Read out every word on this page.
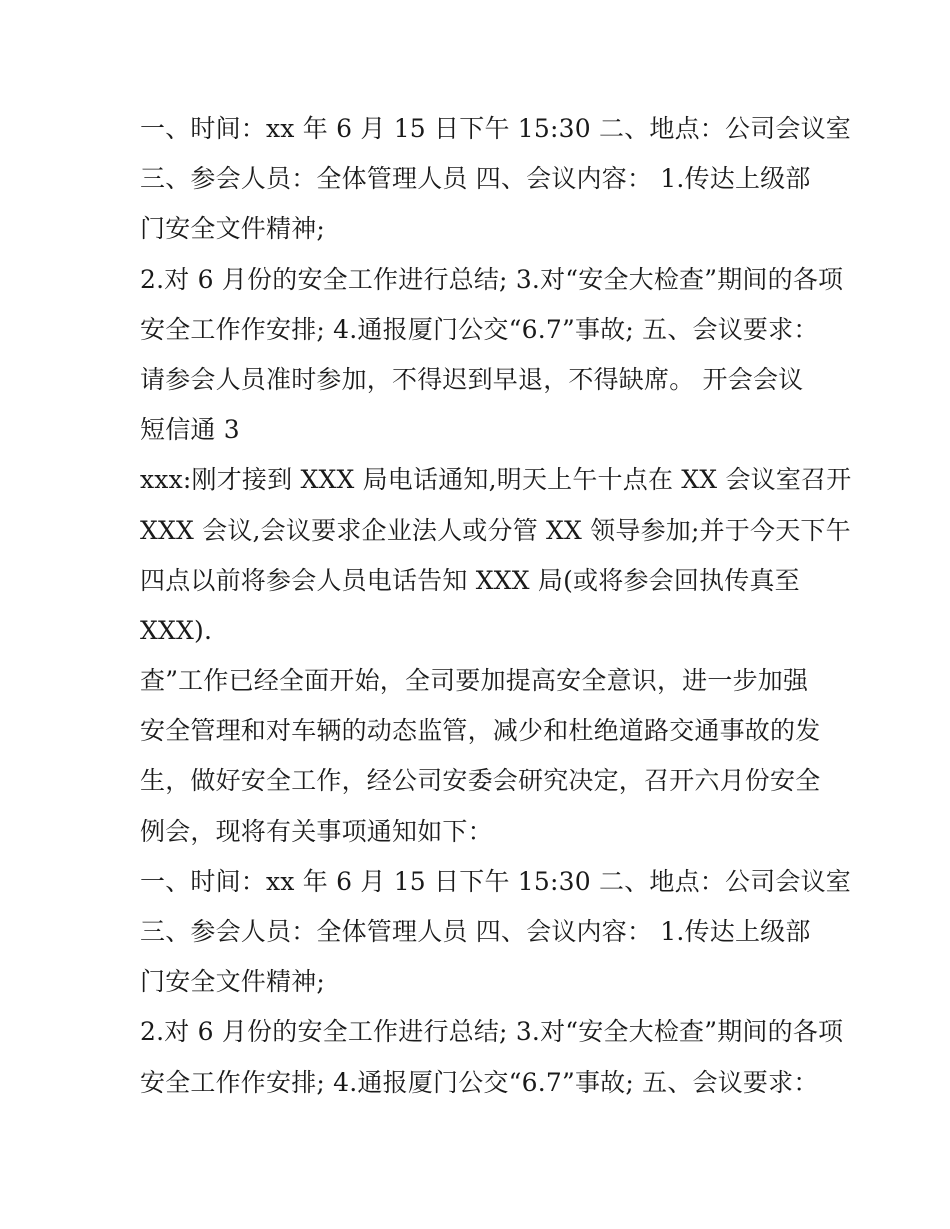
一、时间：xx 年 6 月 15 日下午 15:30 二、地点：公司会议室
三、参会人员：全体管理人员 四、会议内容： 1.传达上级部
门安全文件精神;
2.对 6 月份的安全工作进行总结; 3.对“安全大检查”期间的各项
安全工作作安排; 4.通报厦门公交“6.7”事故; 五、会议要求：
请参会人员准时参加，不得迟到早退，不得缺席。 开会会议
短信通 3
xxx:刚才接到 XXX 局电话通知,明天上午十点在 XX 会议室召开
XXX 会议,会议要求企业法人或分管 XX 领导参加;并于今天下午
四点以前将参会人员电话告知 XXX 局(或将参会回执传真至
XXX).
查”工作已经全面开始，全司要加提高安全意识，进一步加强
安全管理和对车辆的动态监管，减少和杜绝道路交通事故的发
生，做好安全工作，经公司安委会研究决定，召开六月份安全
例会，现将有关事项通知如下：
一、时间：xx 年 6 月 15 日下午 15:30 二、地点：公司会议室
三、参会人员：全体管理人员 四、会议内容： 1.传达上级部
门安全文件精神;
2.对 6 月份的安全工作进行总结; 3.对“安全大检查”期间的各项
安全工作作安排; 4.通报厦门公交“6.7”事故; 五、会议要求：
